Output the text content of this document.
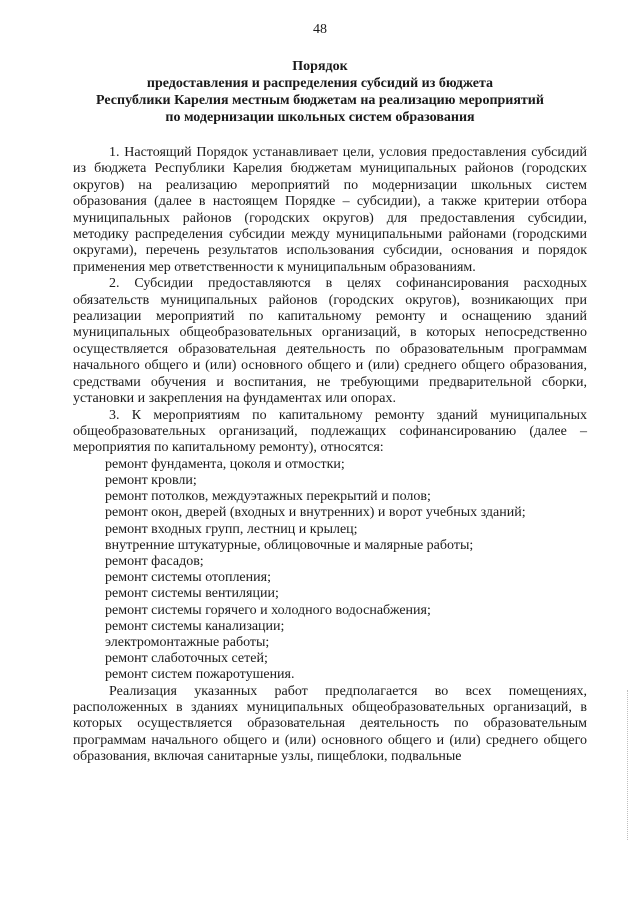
48
Порядок
предоставления и распределения субсидий из бюджета
Республики Карелия местным бюджетам на реализацию мероприятий
по модернизации школьных систем образования

1. Настоящий Порядок устанавливает цели, условия предоставления субсидий из бюджета Республики Карелия бюджетам муниципальных районов (городских округов) на реализацию мероприятий по модернизации школьных систем образования (далее в настоящем Порядке – субсидии), а также критерии отбора муниципальных районов (городских округов) для предоставления субсидии, методику распределения субсидии между муниципальными районами (городскими округами), перечень результатов использования субсидии, основания и порядок применения мер ответственности к муниципальным образованиям.

2. Субсидии предоставляются в целях софинансирования расходных обязательств муниципальных районов (городских округов), возникающих при реализации мероприятий по капитальному ремонту и оснащению зданий муниципальных общеобразовательных организаций, в которых непосредственно осуществляется образовательная деятельность по образовательным программам начального общего и (или) основного общего и (или) среднего общего образования, средствами обучения и воспитания, не требующими предварительной сборки, установки и закрепления на фундаментах или опорах.

3. К мероприятиям по капитальному ремонту зданий муниципальных общеобразовательных организаций, подлежащих софинансированию (далее – мероприятия по капитальному ремонту), относятся:

ремонт фундамента, цоколя и отмостки;
ремонт кровли;
ремонт потолков, междуэтажных перекрытий и полов;
ремонт окон, дверей (входных и внутренних) и ворот учебных зданий;
ремонт входных групп, лестниц и крылец;
внутренние штукатурные, облицовочные и малярные работы;
ремонт фасадов;
ремонт системы отопления;
ремонт системы вентиляции;
ремонт системы горячего и холодного водоснабжения;
ремонт системы канализации;
электромонтажные работы;
ремонт слаботочных сетей;
ремонт систем пожаротушения.

Реализация указанных работ предполагается во всех помещениях, расположенных в зданиях муниципальных общеобразовательных организаций, в которых осуществляется образовательная деятельность по образовательным программам начального общего и (или) основного общего и (или) среднего общего образования, включая санитарные узлы, пищеблоки, подвальные
